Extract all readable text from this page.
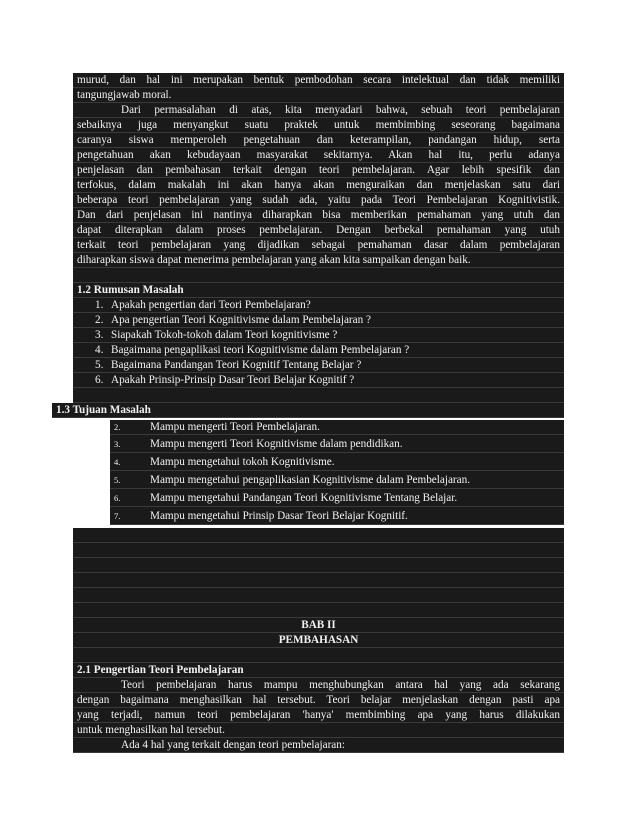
murud, dan hal ini merupakan bentuk pembodohan secara intelektual dan tidak memiliki
tangungjawab moral.
Dari permasalahan di atas, kita menyadari bahwa, sebuah teori pembelajaran
sebaiknya juga menyangkut suatu praktek untuk membimbing seseorang bagaimana
caranya siswa memperoleh pengetahuan dan keterampilan, pandangan hidup, serta
pengetahuan akan kebudayaan masyarakat sekitarnya. Akan hal itu, perlu adanya
penjelasan dan pembahasan terkait dengan teori pembelajaran. Agar lebih spesifik dan
terfokus, dalam makalah ini akan hanya akan menguraikan dan menjelaskan satu dari
beberapa teori pembelajaran yang sudah ada, yaitu pada Teori Pembelajaran Kognitivistik.
Dan dari penjelasan ini nantinya diharapkan bisa memberikan pemahaman yang utuh dan
dapat diterapkan dalam proses pembelajaran. Dengan berbekal pemahaman yang utuh
terkait teori pembelajaran yang dijadikan sebagai pemahaman dasar dalam pembelajaran
diharapkan siswa dapat menerima pembelajaran yang akan kita sampaikan dengan baik.
1.2 Rumusan Masalah
1. Apakah pengertian dari Teori Pembelajaran?
2. Apa pengertian Teori Kognitivisme dalam Pembelajaran ?
3. Siapakah Tokoh-tokoh dalam Teori kognitivisme ?
4. Bagaimana pengaplikasi teori Kognitivisme dalam Pembelajaran ?
5. Bagaimana Pandangan Teori Kognitif Tentang Belajar ?
6. Apakah Prinsip-Prinsip Dasar Teori Belajar Kognitif ?
1.3 Tujuan Masalah
2.	Mampu mengerti Teori Pembelajaran.
3.	Mampu mengerti Teori Kognitivisme dalam pendidikan.
4.	Mampu mengetahui tokoh Kognitivisme.
5.	Mampu mengetahui pengaplikasian Kognitivisme dalam Pembelajaran.
6.	Mampu mengetahui Pandangan Teori Kognitivisme Tentang Belajar.
7.	Mampu mengetahui Prinsip Dasar Teori Belajar Kognitif.
BAB II
PEMBAHASAN
2.1 Pengertian Teori Pembelajaran
Teori pembelajaran harus mampu menghubungkan antara hal yang ada sekarang
dengan bagaimana menghasilkan hal tersebut. Teori belajar menjelaskan dengan pasti apa
yang terjadi, namun teori pembelajaran 'hanya' membimbing apa yang harus dilakukan
untuk menghasilkan hal tersebut.
Ada 4 hal yang terkait dengan teori pembelajaran:
